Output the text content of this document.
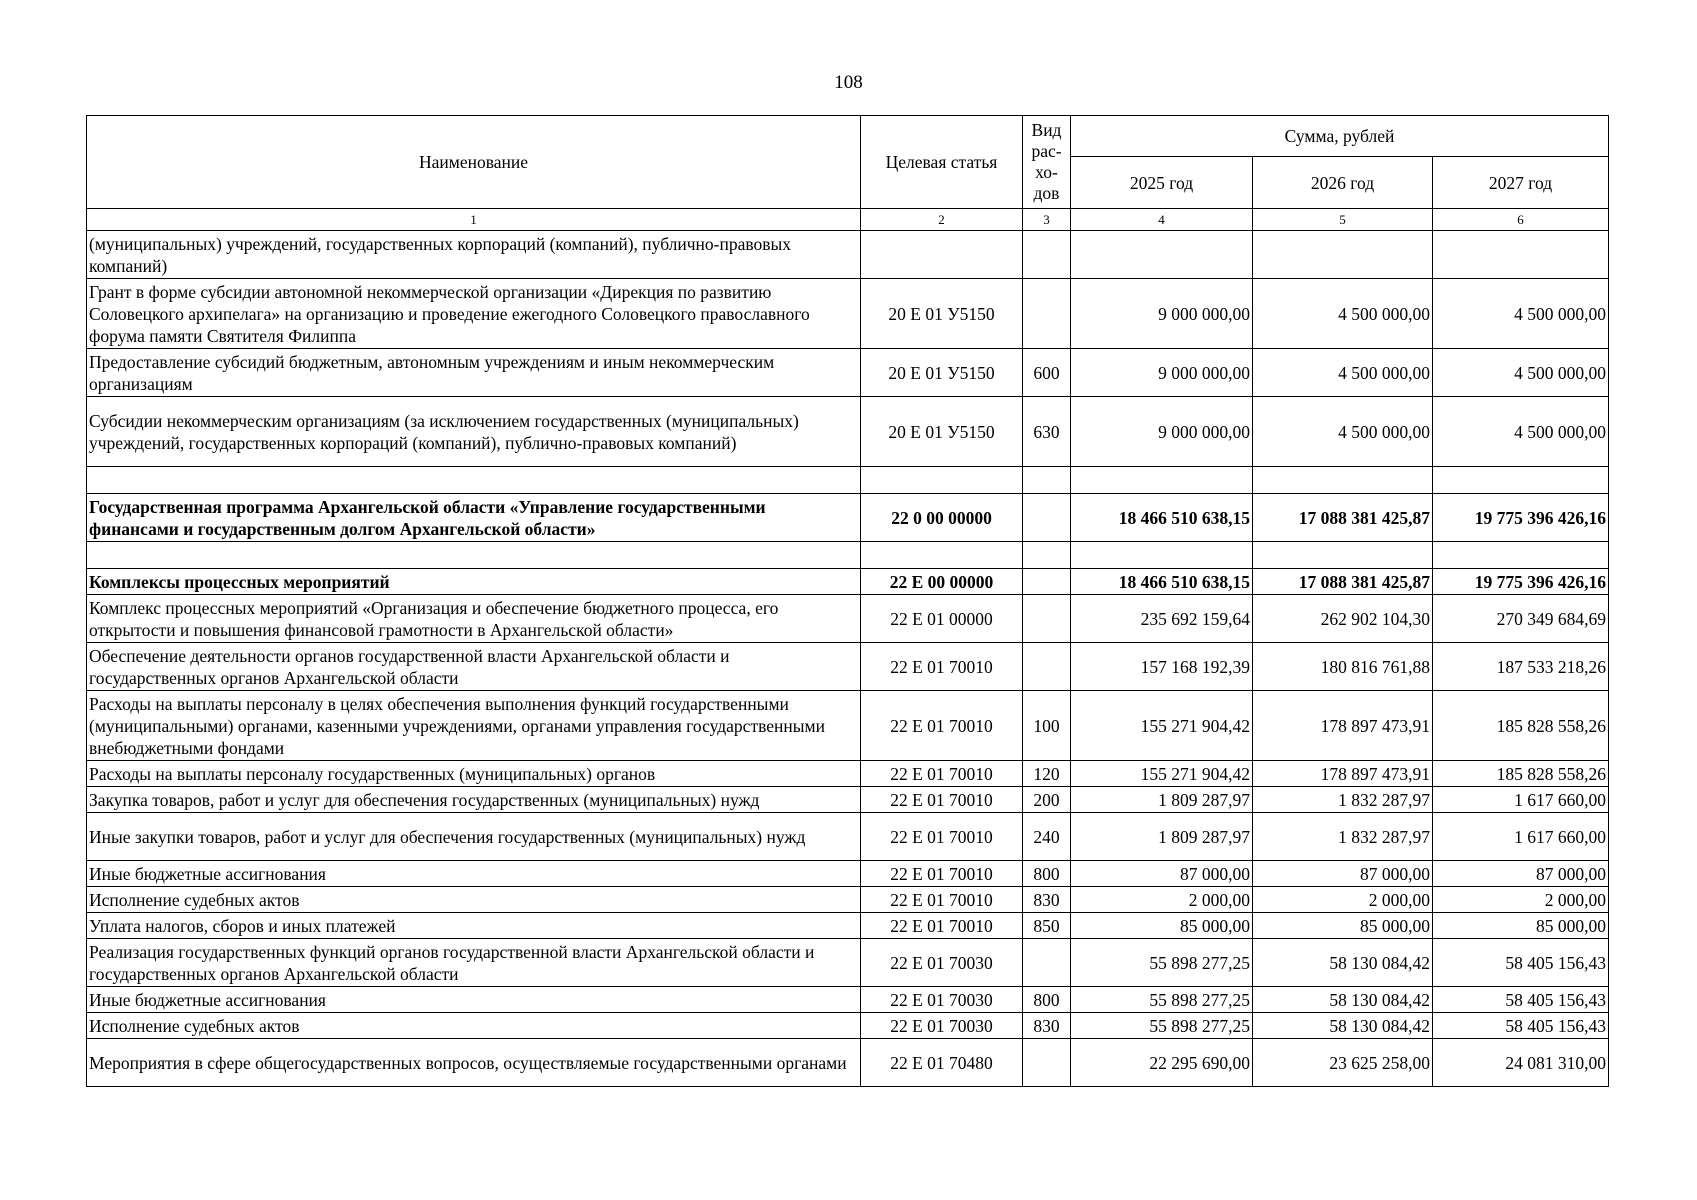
108
Наименование	Целевая статья	Вид
рас-
хо-
дов	Сумма, рублей		
			2025 год	2026 год	2027 год
1	2	3	4	5	6
(муниципальных) учреждений, государственных корпораций (компаний), публично-правовых компаний)					
Грант в форме субсидии автономной некоммерческой организации «Дирекция по развитию Соловецкого архипелага» на организацию и проведение ежегодного Соловецкого православного форума памяти Святителя Филиппа	20 Е 01 У5150		9 000 000,00	4 500 000,00	4 500 000,00
Предоставление субсидий бюджетным, автономным учреждениям и иным некоммерческим организациям	20 Е 01 У5150	600	9 000 000,00	4 500 000,00	4 500 000,00
Субсидии некоммерческим организациям (за исключением государственных (муниципальных) учреждений, государственных корпораций (компаний), публично-правовых компаний)	20 Е 01 У5150	630	9 000 000,00	4 500 000,00	4 500 000,00

Государственная программа Архангельской области «Управление государственными финансами и государственным долгом Архангельской области»	22 0 00 00000		18 466 510 638,15	17 088 381 425,87	19 775 396 426,16

Комплексы процессных мероприятий	22 Е 00 00000		18 466 510 638,15	17 088 381 425,87	19 775 396 426,16
Комплекс процессных мероприятий «Организация и обеспечение бюджетного процесса, его открытости и повышения финансовой грамотности в Архангельской области»	22 Е 01 00000		235 692 159,64	262 902 104,30	270 349 684,69
Обеспечение деятельности органов государственной власти Архангельской области и государственных органов Архангельской области	22 Е 01 70010		157 168 192,39	180 816 761,88	187 533 218,26
Расходы на выплаты персоналу в целях обеспечения выполнения функций государственными (муниципальными) органами, казенными учреждениями, органами управления государственными внебюджетными фондами	22 Е 01 70010	100	155 271 904,42	178 897 473,91	185 828 558,26
Расходы на выплаты персоналу государственных (муниципальных) органов	22 Е 01 70010	120	155 271 904,42	178 897 473,91	185 828 558,26
Закупка товаров, работ и услуг для обеспечения государственных (муниципальных) нужд	22 Е 01 70010	200	1 809 287,97	1 832 287,97	1 617 660,00
Иные закупки товаров, работ и услуг для обеспечения государственных (муниципальных) нужд	22 Е 01 70010	240	1 809 287,97	1 832 287,97	1 617 660,00
Иные бюджетные ассигнования	22 Е 01 70010	800	87 000,00	87 000,00	87 000,00
Исполнение судебных актов	22 Е 01 70010	830	2 000,00	2 000,00	2 000,00
Уплата налогов, сборов и иных платежей	22 Е 01 70010	850	85 000,00	85 000,00	85 000,00
Реализация государственных функций органов государственной власти Архангельской области и государственных органов Архангельской области	22 Е 01 70030		55 898 277,25	58 130 084,42	58 405 156,43
Иные бюджетные ассигнования	22 Е 01 70030	800	55 898 277,25	58 130 084,42	58 405 156,43
Исполнение судебных актов	22 Е 01 70030	830	55 898 277,25	58 130 084,42	58 405 156,43
Мероприятия в сфере общегосударственных вопросов, осуществляемые государственными органами	22 Е 01 70480		22 295 690,00	23 625 258,00	24 081 310,00
